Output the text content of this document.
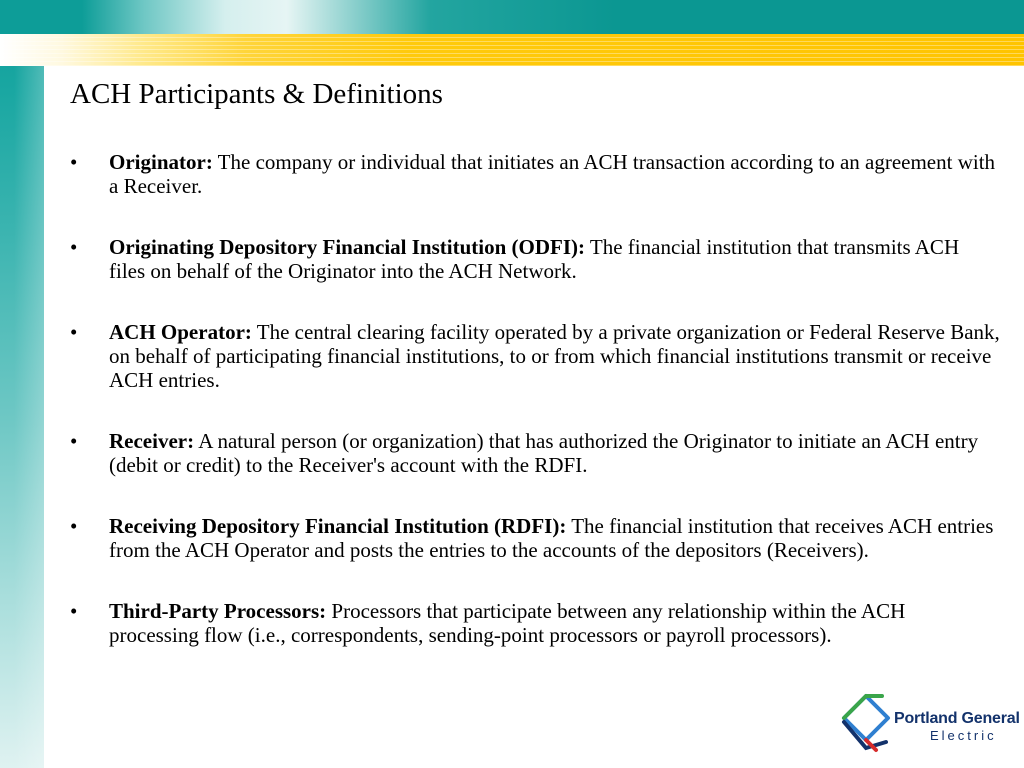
ACH Participants & Definitions
•	Originator: The company or individual that initiates an ACH transaction according to an agreement with a Receiver.
•	Originating Depository Financial Institution (ODFI): The financial institution that transmits ACH files on behalf of the Originator into the ACH Network.
•	ACH Operator: The central clearing facility operated by a private organization or Federal Reserve Bank, on behalf of participating financial institutions, to or from which financial institutions transmit or receive ACH entries.
•	Receiver: A natural person (or organization) that has authorized the Originator to initiate an ACH entry (debit or credit) to the Receiver's account with the RDFI.
•	Receiving Depository Financial Institution (RDFI): The financial institution that receives ACH entries from the ACH Operator and posts the entries to the accounts of the depositors (Receivers).
•	Third-Party Processors: Processors that participate between any relationship within the ACH processing flow (i.e., correspondents, sending-point processors or payroll processors).
Portland General
Electric
